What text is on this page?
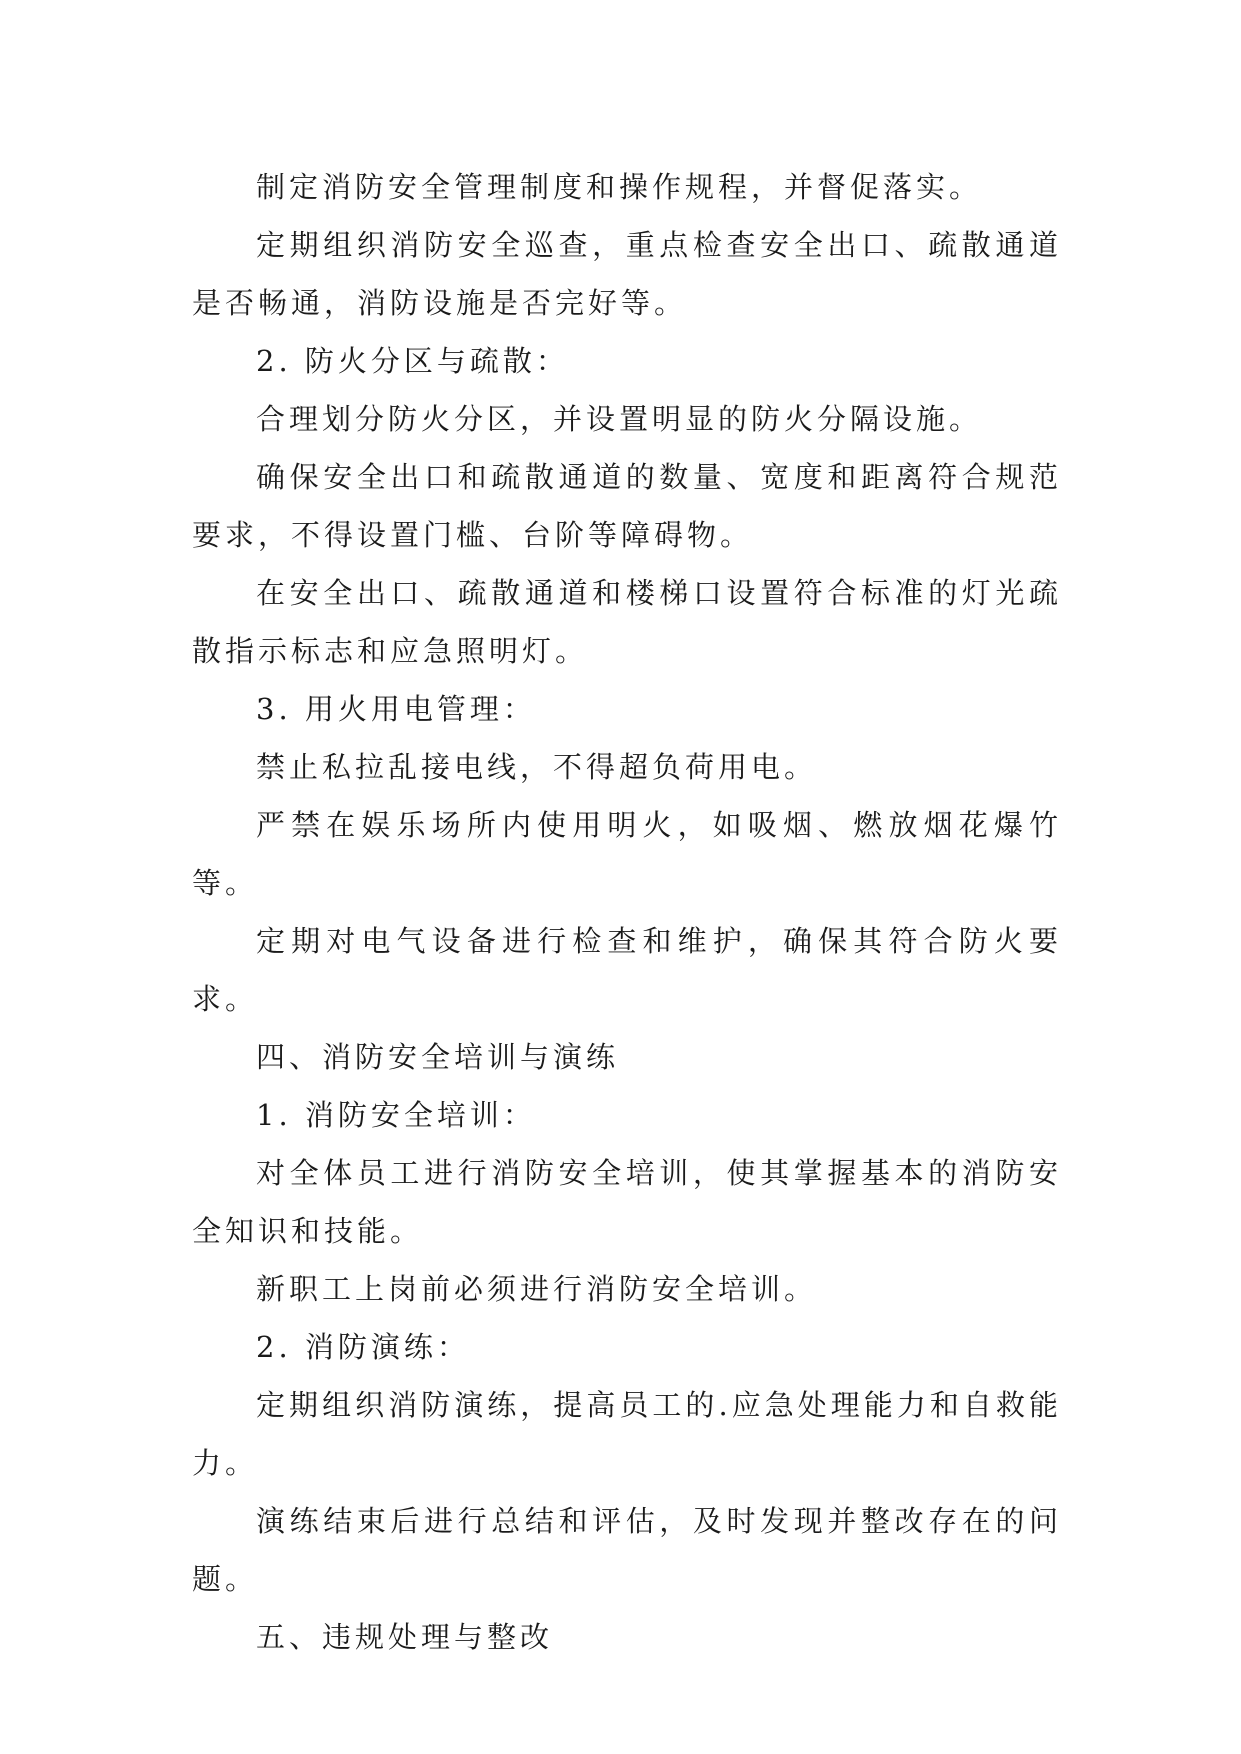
制定消防安全管理制度和操作规程，并督促落实。

定期组织消防安全巡查，重点检查安全出口、疏散通道是否畅通，消防设施是否完好等。

2. 防火分区与疏散：

合理划分防火分区，并设置明显的防火分隔设施。

确保安全出口和疏散通道的数量、宽度和距离符合规范要求，不得设置门槛、台阶等障碍物。

在安全出口、疏散通道和楼梯口设置符合标准的灯光疏散指示标志和应急照明灯。

3. 用火用电管理：

禁止私拉乱接电线，不得超负荷用电。

严禁在娱乐场所内使用明火，如吸烟、燃放烟花爆竹等。

定期对电气设备进行检查和维护，确保其符合防火要求。

四、消防安全培训与演练

1. 消防安全培训：

对全体员工进行消防安全培训，使其掌握基本的消防安全知识和技能。

新职工上岗前必须进行消防安全培训。

2. 消防演练：

定期组织消防演练，提高员工的.应急处理能力和自救能力。

演练结束后进行总结和评估，及时发现并整改存在的问题。

五、违规处理与整改
